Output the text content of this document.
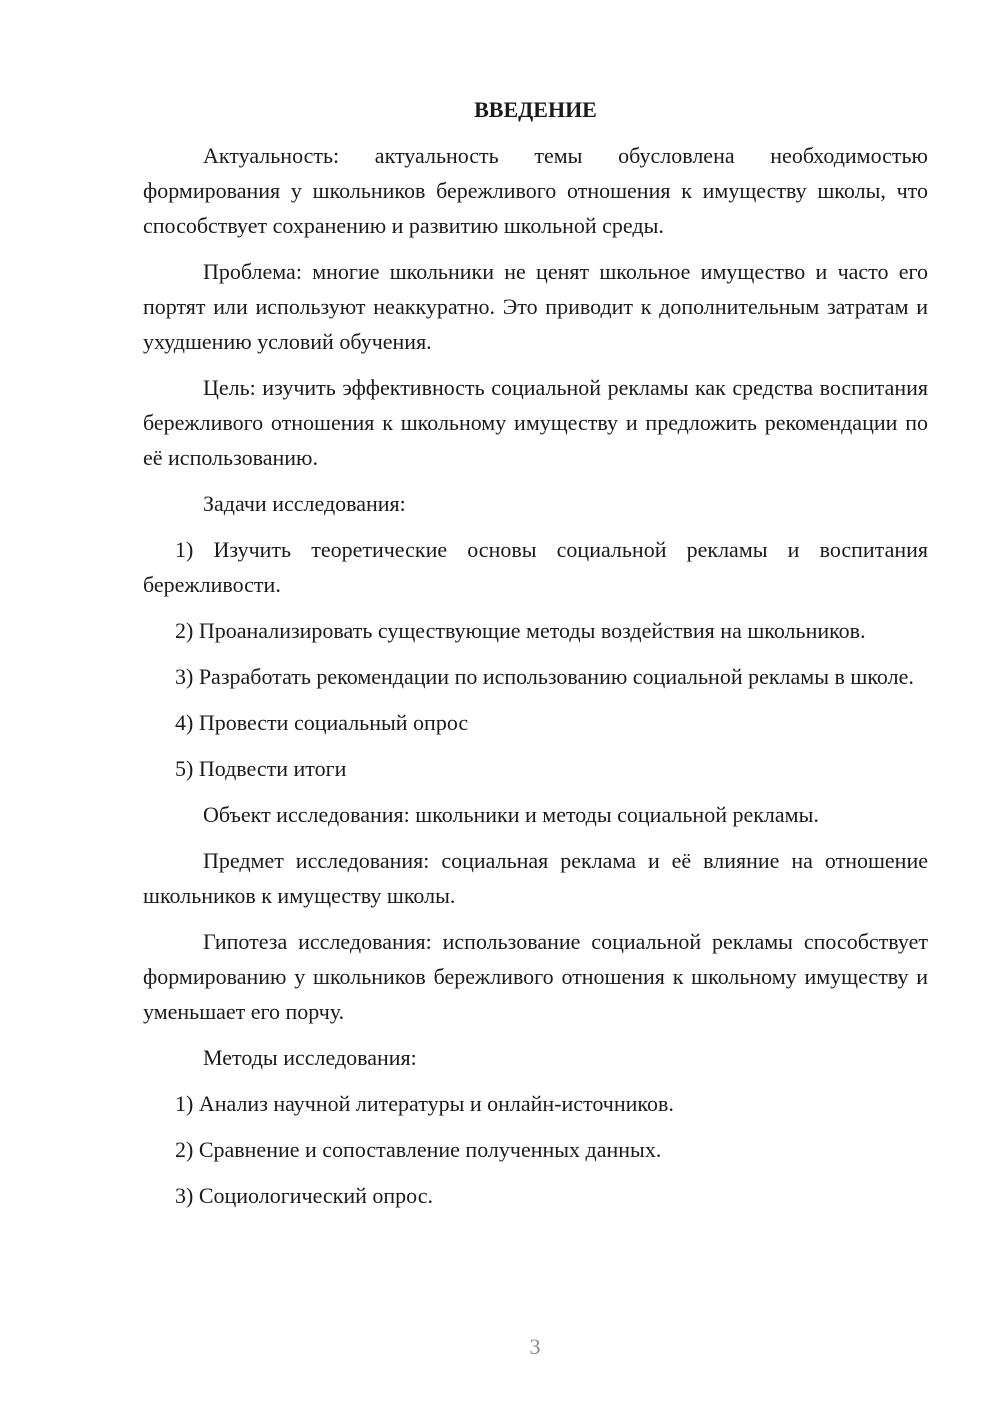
ВВЕДЕНИЕ

Актуальность: актуальность темы обусловлена необходимостью формирования у школьников бережливого отношения к имуществу школы, что способствует сохранению и развитию школьной среды.

Проблема: многие школьники не ценят школьное имущество и часто его портят или используют неаккуратно. Это приводит к дополнительным затратам и ухудшению условий обучения.

Цель: изучить эффективность социальной рекламы как средства воспитания бережливого отношения к школьному имуществу и предложить рекомендации по её использованию.

Задачи исследования:

1) Изучить теоретические основы социальной рекламы и воспитания бережливости.

2) Проанализировать существующие методы воздействия на школьников.

3) Разработать рекомендации по использованию социальной рекламы в школе.

4) Провести социальный опрос

5) Подвести итоги

Объект исследования: школьники и методы социальной рекламы.

Предмет исследования: социальная реклама и её влияние на отношение школьников к имуществу школы.

Гипотеза исследования: использование социальной рекламы способствует формированию у школьников бережливого отношения к школьному имуществу и уменьшает его порчу.

Методы исследования:

1) Анализ научной литературы и онлайн-источников.

2) Сравнение и сопоставление полученных данных.

3) Социологический опрос.

3
